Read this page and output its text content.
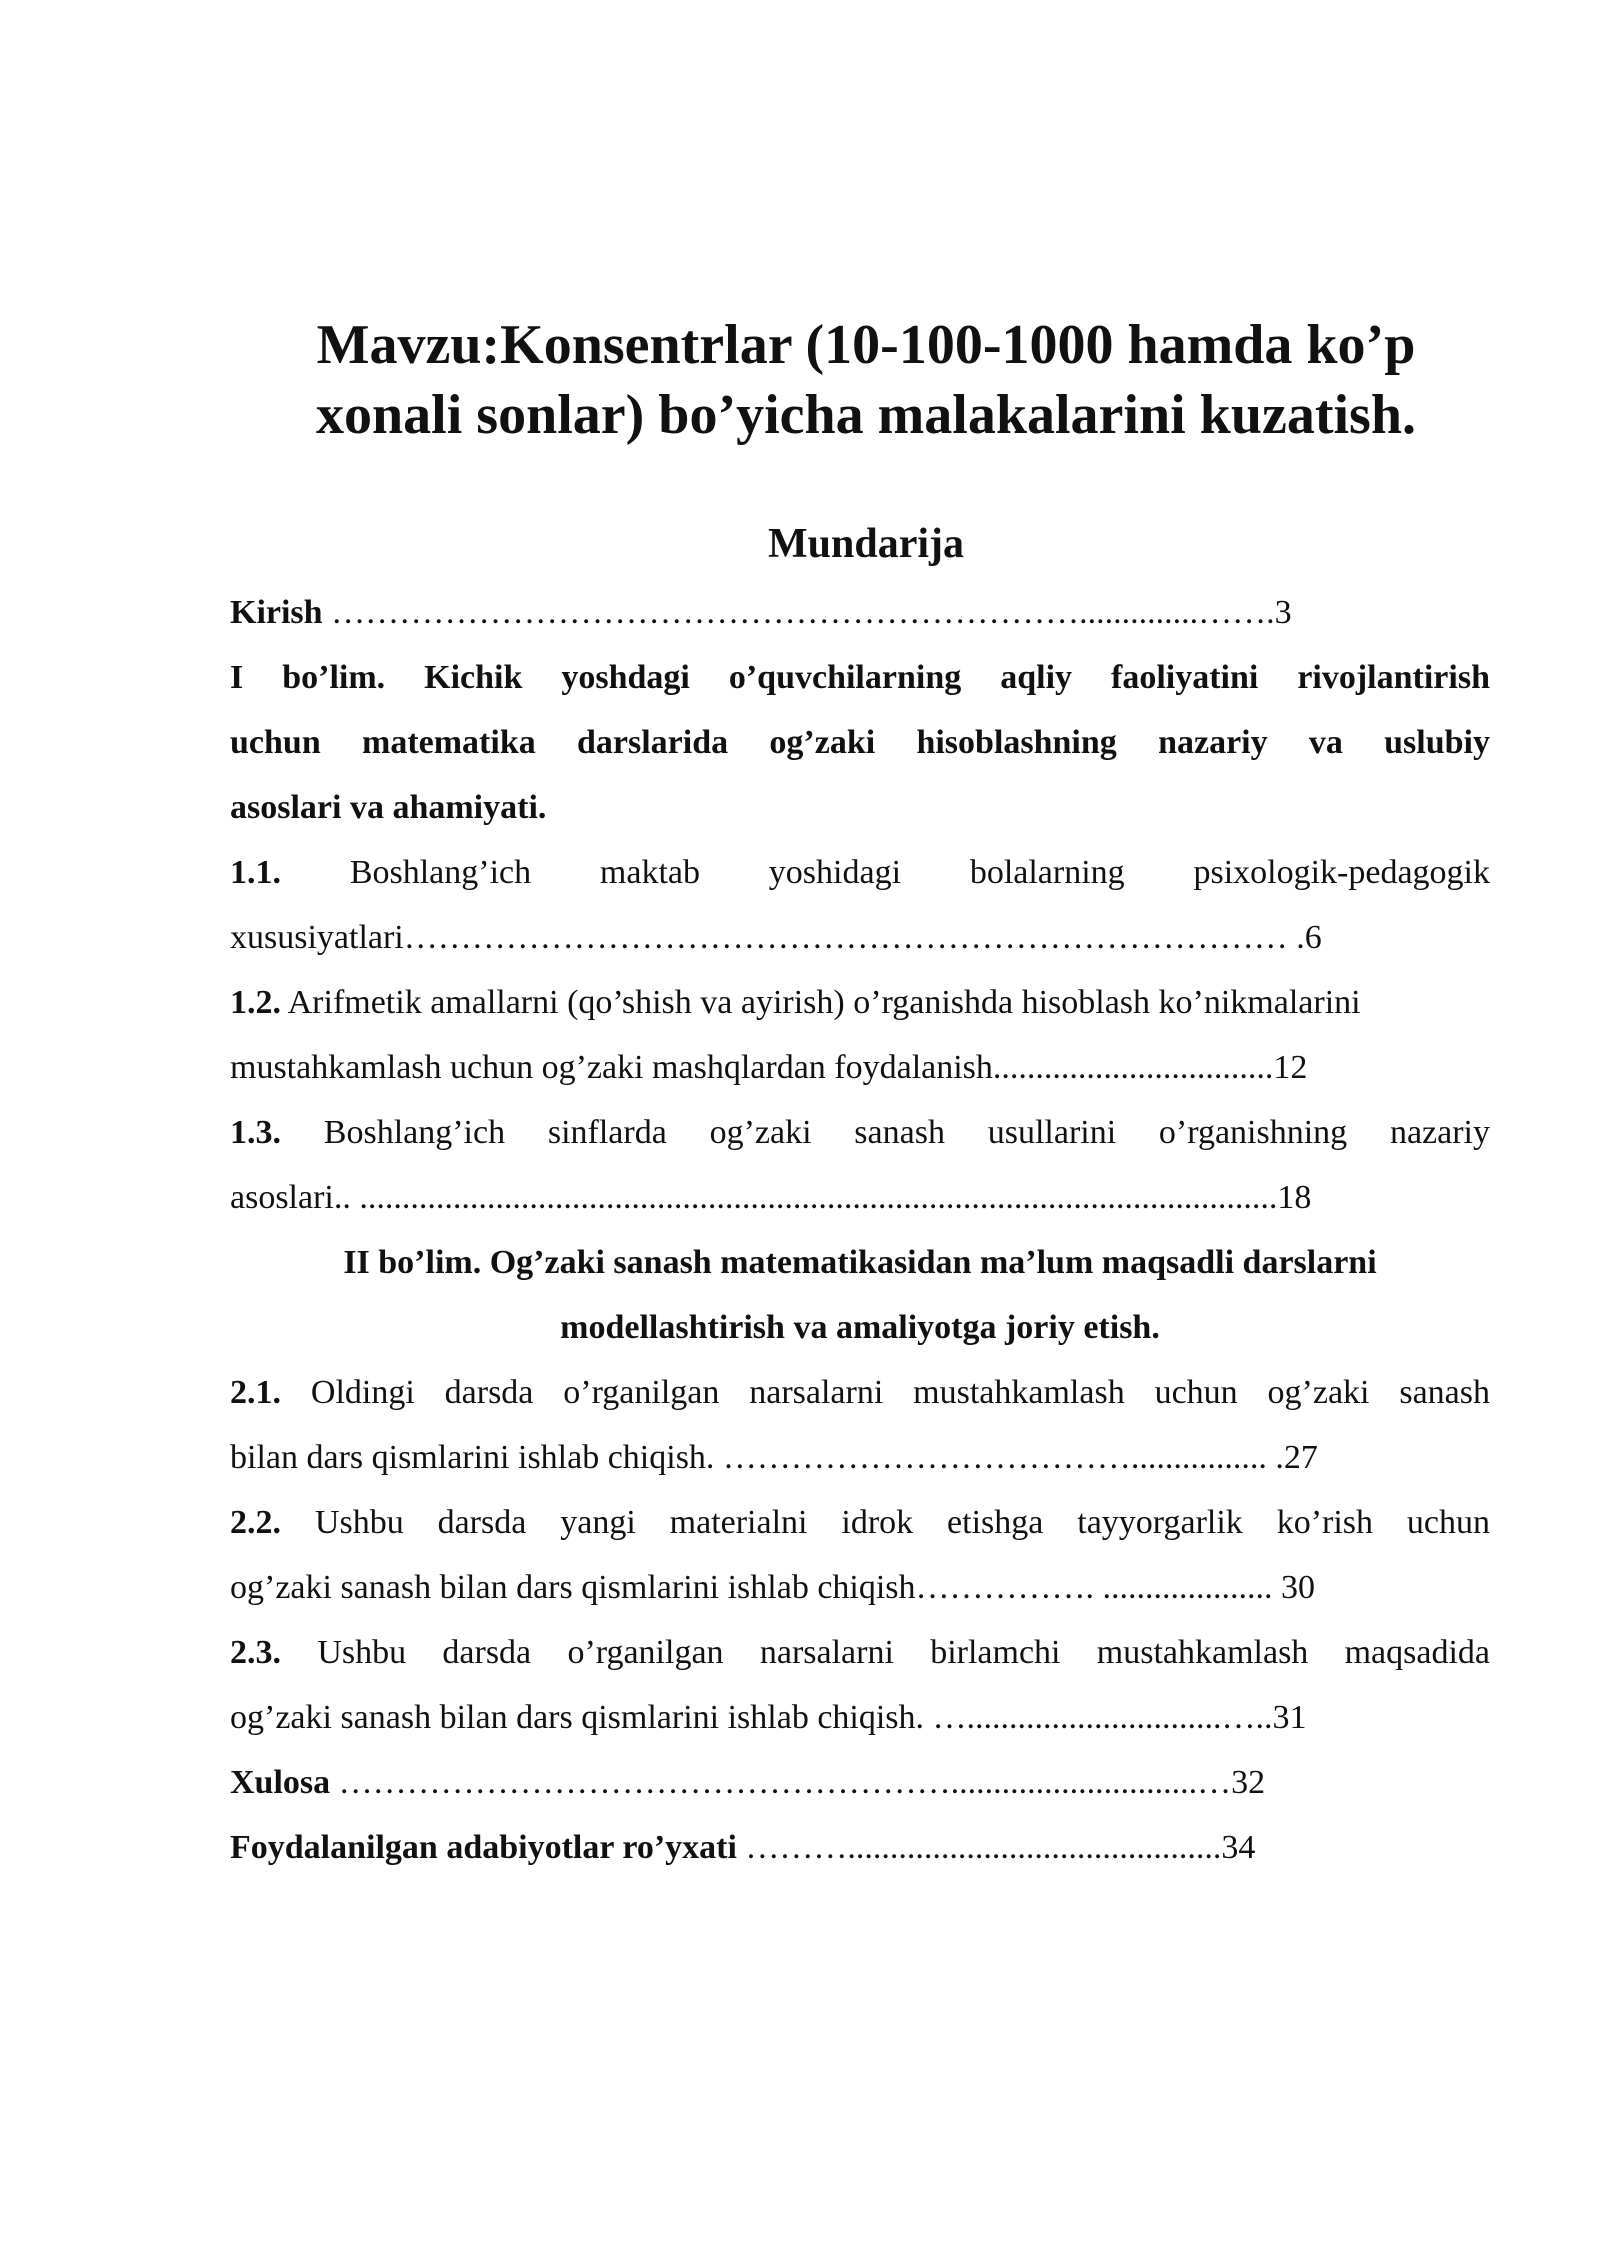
Mavzu:Konsentrlar (10-100-1000 hamda ko’p
xonali sonlar) bo’yicha malakalarini kuzatish.
Mundarija
Kirish …………………………………………………………..............…….3
I bo’lim. Kichik yoshdagi o’quvchilarning aqliy faoliyatini rivojlantirish
uchun matematika darslarida og’zaki hisoblashning nazariy va uslubiy
asoslari va ahamiyati.
1.1. Boshlang’ich maktab yoshidagi bolalarning psixologik-pedagogik
xususiyatlari…………………………………………………………………… .6
1.2. Arifmetik amallarni (qo’shish va ayirish) o’rganishda hisoblash ko’nikmalarini
mustahkamlash uchun og’zaki mashqlardan foydalanish.................................12
1.3. Boshlang’ich sinflarda og’zaki sanash usullarini o’rganishning nazariy
asoslari.. ............................................................................................................18
II bo’lim. Og’zaki sanash matematikasidan ma’lum maqsadli darslarni
modellashtirish va amaliyotga joriy etish.
2.1. Oldingi darsda o’rganilgan narsalarni mustahkamlash uchun og’zaki sanash
bilan dars qismlarini ishlab chiqish. ………………………………................ .27
2.2. Ushbu darsda yangi materialni idrok etishga tayyorgarlik ko’rish uchun
og’zaki sanash bilan dars qismlarini ishlab chiqish……………. .................... 30
2.3. Ushbu darsda o’rganilgan narsalarni birlamchi mustahkamlash maqsadida
og’zaki sanash bilan dars qismlarini ishlab chiqish. …..............................…..31
Xulosa ……………………………………………….............................…32
Foydalanilgan adabiyotlar ro’yxati ………............................................34
